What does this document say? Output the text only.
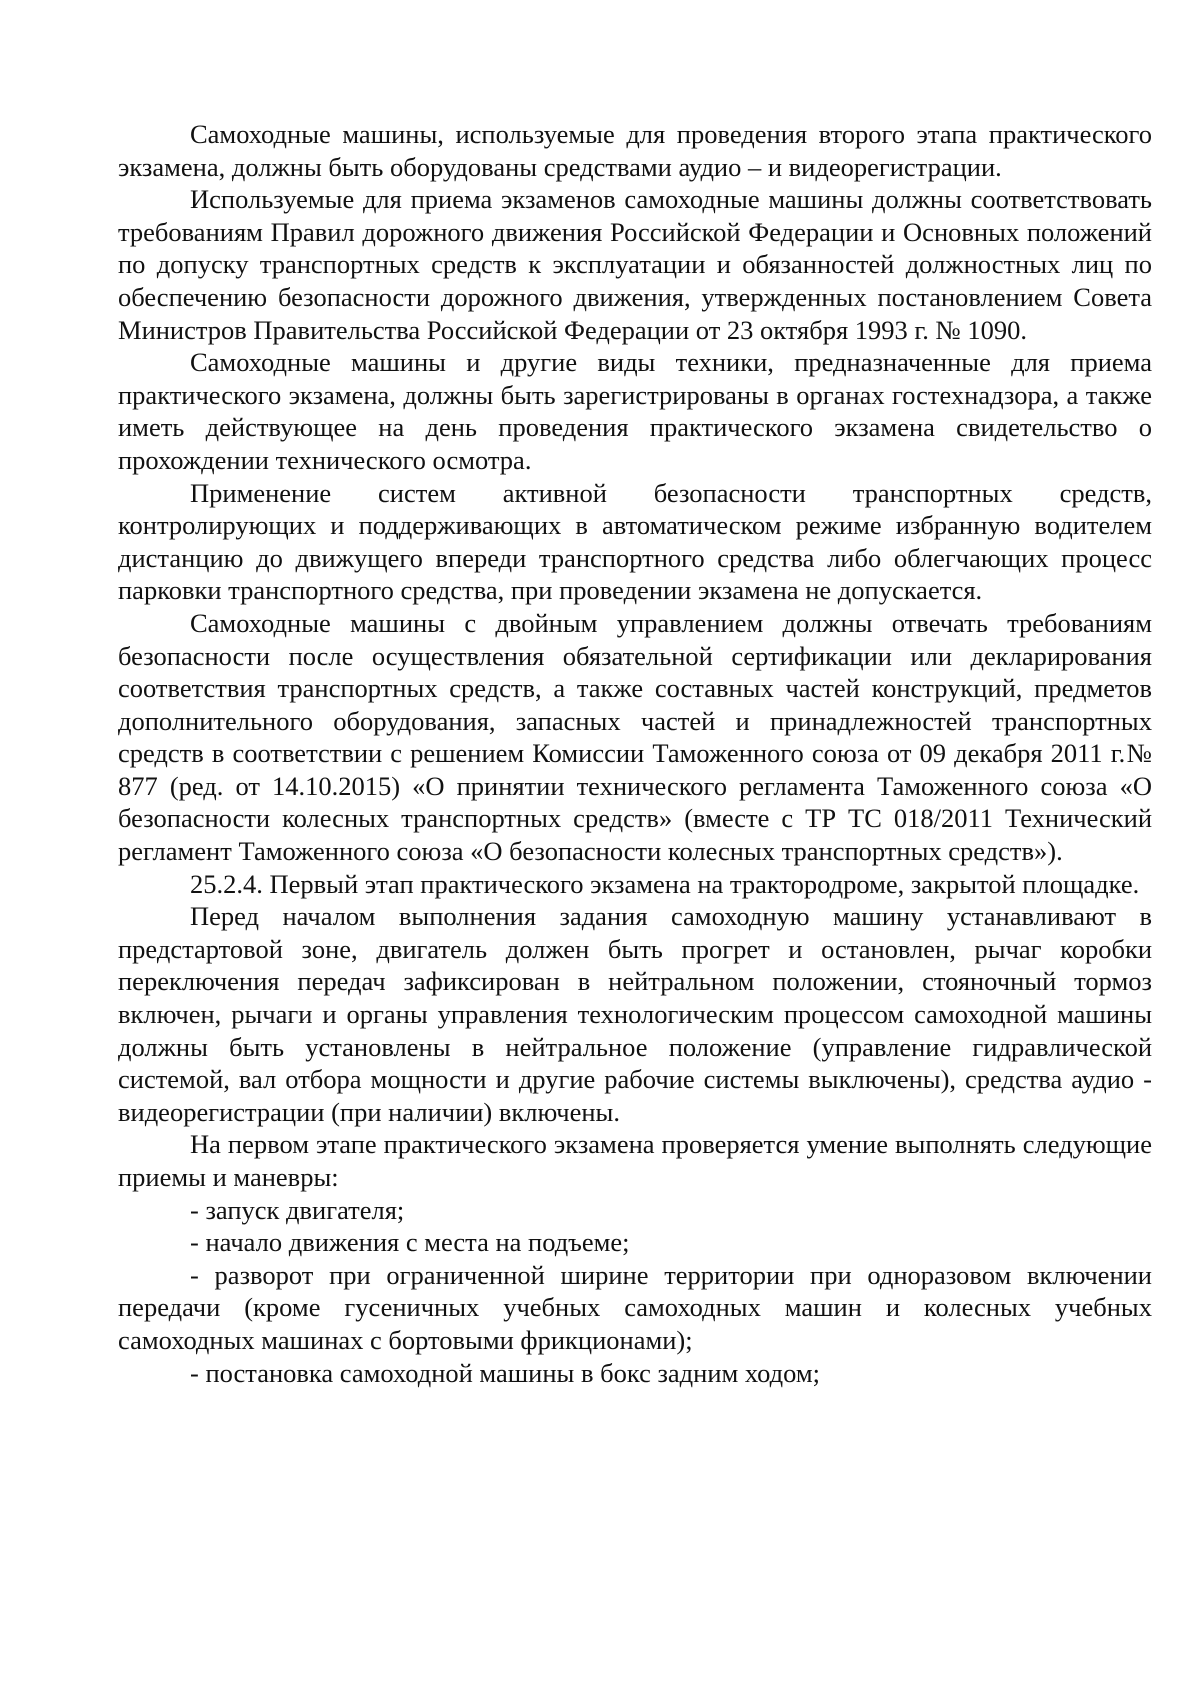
Самоходные машины, используемые для проведения второго этапа практического экзамена, должны быть оборудованы средствами аудио – и видеорегистрации.

Используемые для приема экзаменов самоходные машины должны соответствовать требованиям Правил дорожного движения Российской Федерации и Основных положений по допуску транспортных средств к эксплуатации и обязанностей должностных лиц по обеспечению безопасности дорожного движения, утвержденных постановлением Совета Министров Правительства Российской Федерации от 23 октября 1993 г. № 1090.

Самоходные машины и другие виды техники, предназначенные для приема практического экзамена, должны быть зарегистрированы в органах гостехнадзора, а также иметь действующее на день проведения практического экзамена свидетельство о прохождении технического осмотра.

Применение систем активной безопасности транспортных средств, контролирующих и поддерживающих в автоматическом режиме избранную водителем дистанцию до движущего впереди транспортного средства либо облегчающих процесс парковки транспортного средства, при проведении экзамена не допускается.

Самоходные машины с двойным управлением должны отвечать требованиям безопасности после осуществления обязательной сертификации или декларирования соответствия транспортных средств, а также составных частей конструкций, предметов дополнительного оборудования, запасных частей и принадлежностей транспортных средств в соответствии с решением Комиссии Таможенного союза от 09 декабря 2011 г.№ 877 (ред. от 14.10.2015) «О принятии технического регламента Таможенного союза «О безопасности колесных транспортных средств» (вместе с ТР ТС 018/2011 Технический регламент Таможенного союза «О безопасности колесных транспортных средств»).

25.2.4. Первый этап практического экзамена на трактородроме, закрытой площадке.

Перед началом выполнения задания самоходную машину устанавливают в предстартовой зоне, двигатель должен быть прогрет и остановлен, рычаг коробки переключения передач зафиксирован в нейтральном положении, стояночный тормоз включен, рычаги и органы управления технологическим процессом самоходной машины должны быть установлены в нейтральное положение (управление гидравлической системой, вал отбора мощности и другие рабочие системы выключены), средства аудио - видеорегистрации (при наличии) включены.

На первом этапе практического экзамена проверяется умение выполнять следующие приемы и маневры:

- запуск двигателя;

- начало движения с места на подъеме;

- разворот при ограниченной ширине территории при одноразовом включении передачи (кроме гусеничных учебных самоходных машин и колесных учебных самоходных машинах с бортовыми фрикционами);

- постановка самоходной машины в бокс задним ходом;
